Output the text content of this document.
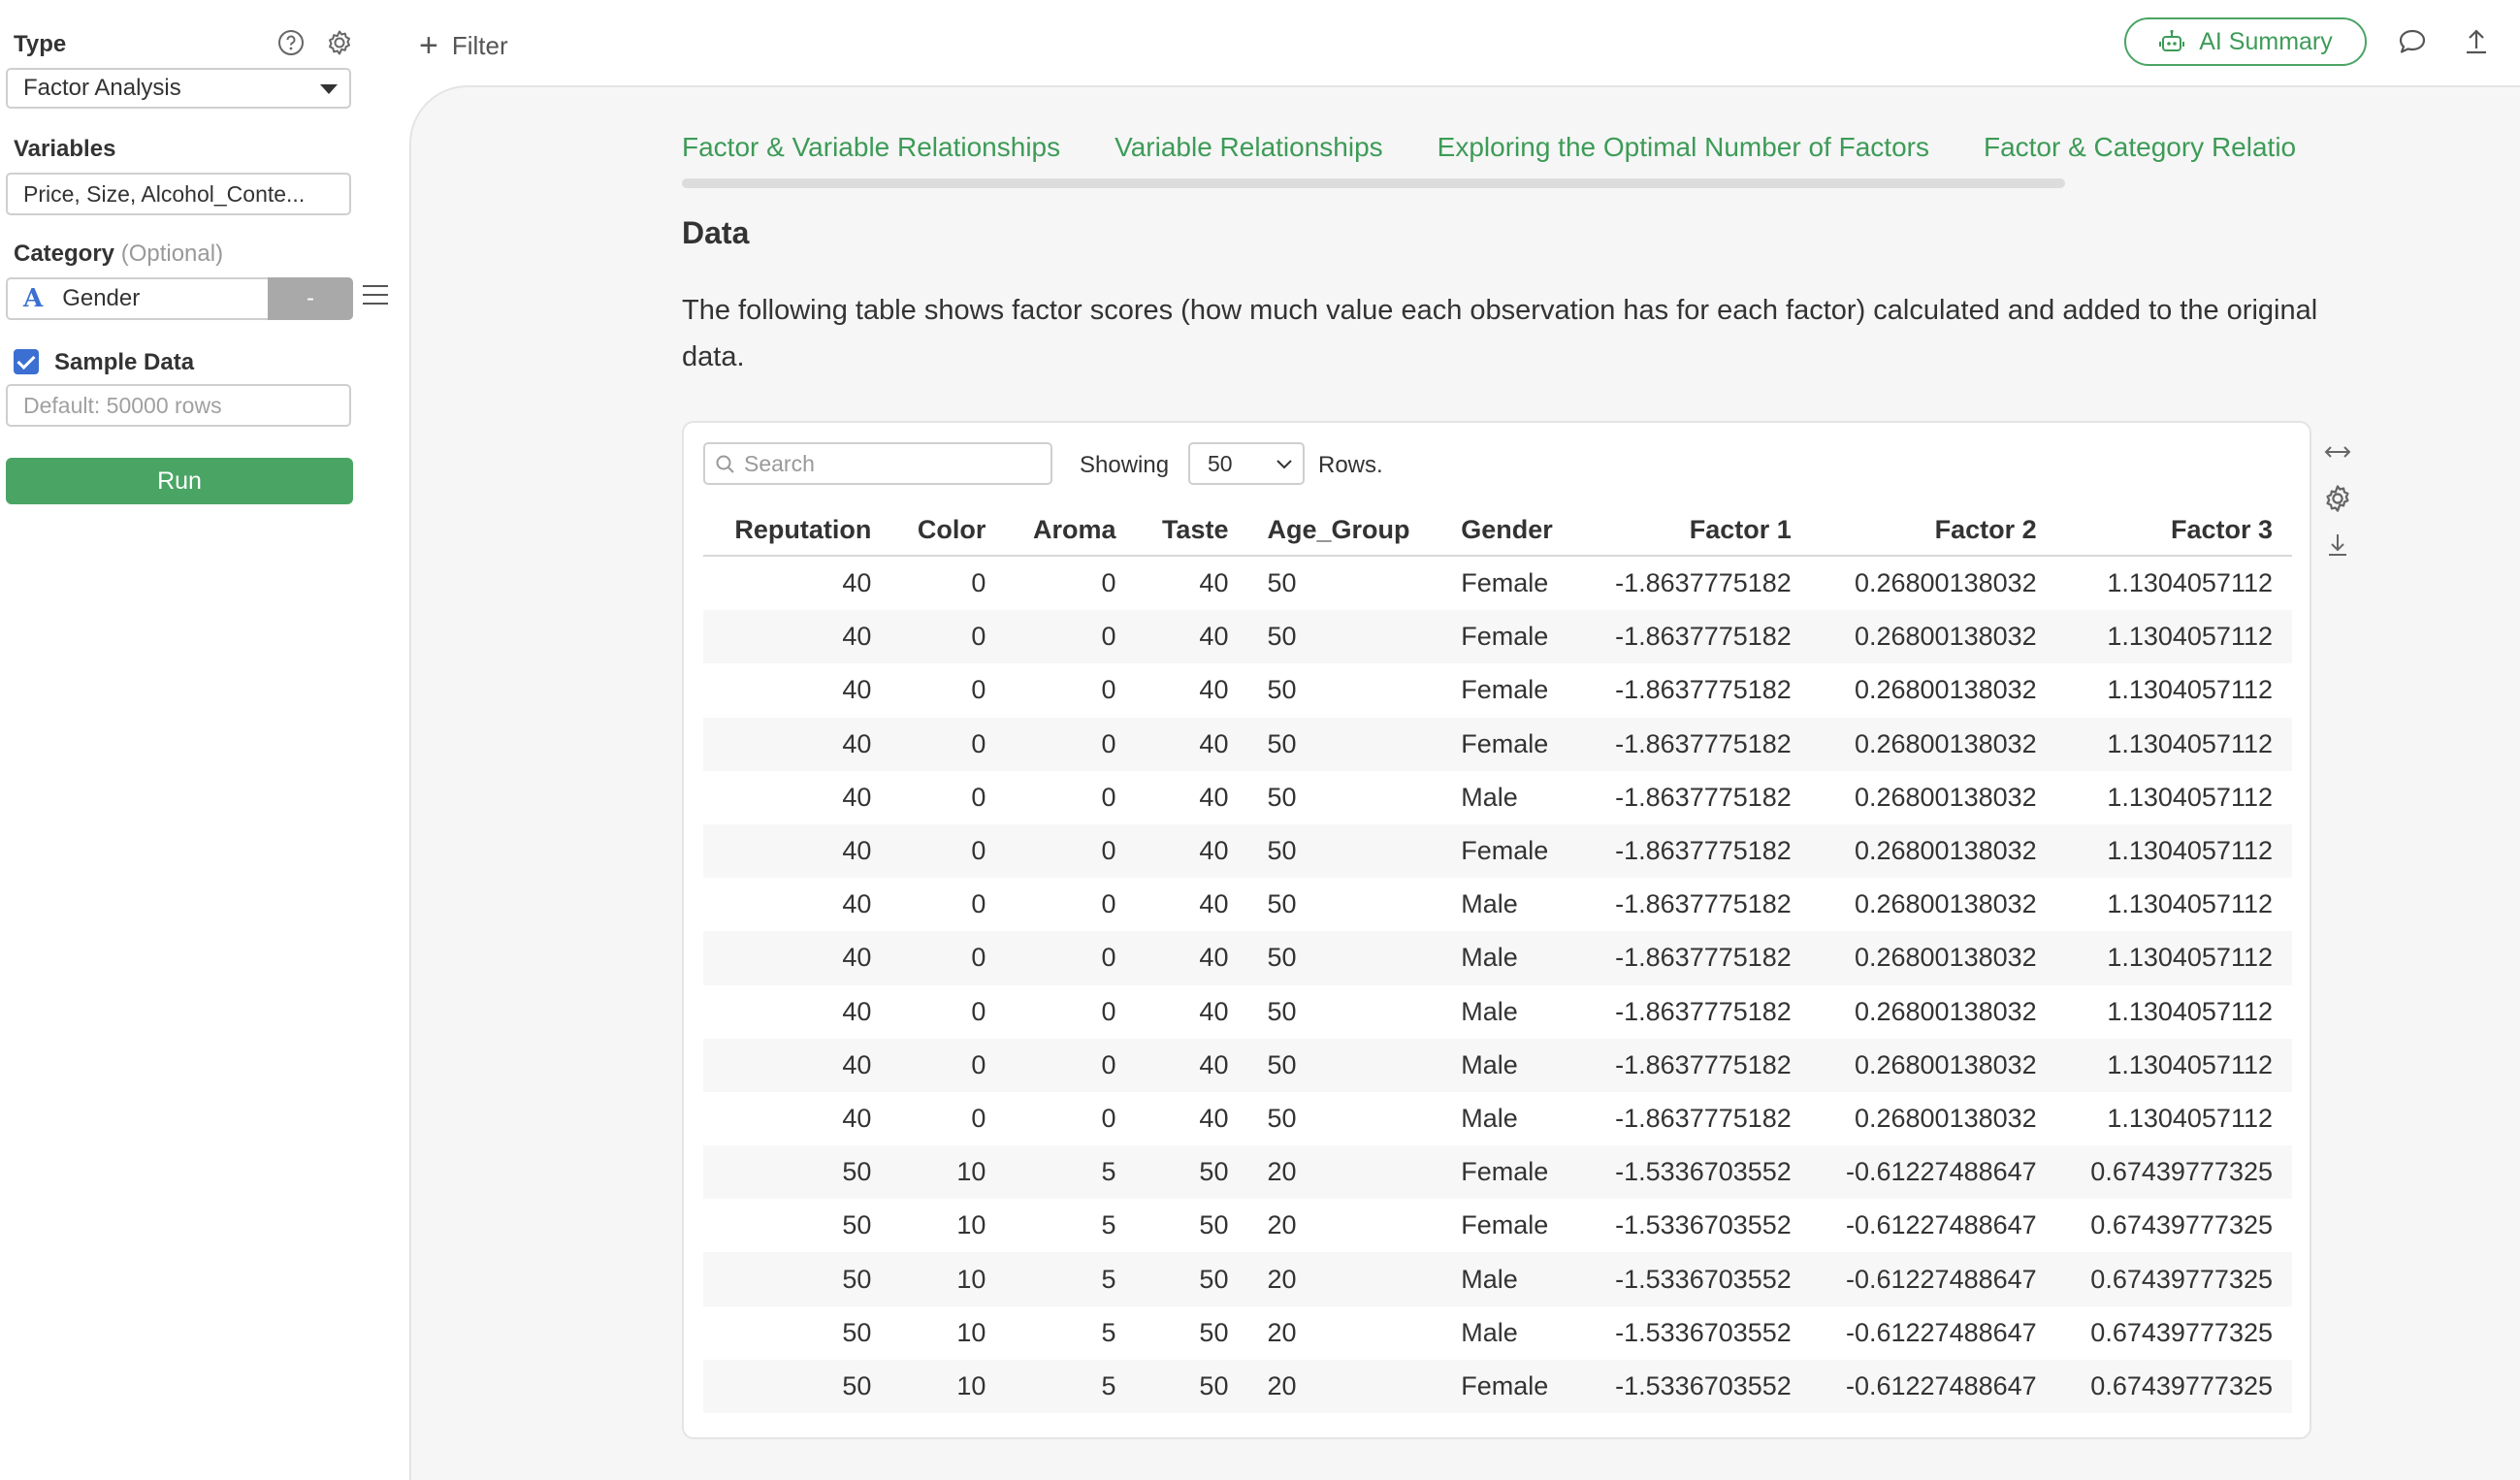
Type
Factor Analysis
Variables
Price, Size, Alcohol_Conte...
Category (Optional)
A Gender	-
Sample Data
Default: 50000 rows
Run
+ Filter	AI Summary
Factor & Variable Relationships Variable Relationships Exploring the Optimal Number of Factors Factor & Category Relatio
Data
The following table shows factor scores (how much value each observation has for each factor) calculated and added to the original data.
Search	Showing 50	Rows.
Reputation	Color	Aroma	Taste	Age_Group	Gender	Factor 1	Factor 2	Factor 3
40	0	0	40	50	Female	-1.8637775182	0.26800138032	1.1304057112
40	0	0	40	50	Female	-1.8637775182	0.26800138032	1.1304057112
40	0	0	40	50	Female	-1.8637775182	0.26800138032	1.1304057112
40	0	0	40	50	Female	-1.8637775182	0.26800138032	1.1304057112
40	0	0	40	50	Male	-1.8637775182	0.26800138032	1.1304057112
40	0	0	40	50	Female	-1.8637775182	0.26800138032	1.1304057112
40	0	0	40	50	Male	-1.8637775182	0.26800138032	1.1304057112
40	0	0	40	50	Male	-1.8637775182	0.26800138032	1.1304057112
40	0	0	40	50	Male	-1.8637775182	0.26800138032	1.1304057112
40	0	0	40	50	Male	-1.8637775182	0.26800138032	1.1304057112
40	0	0	40	50	Male	-1.8637775182	0.26800138032	1.1304057112
50	10	5	50	20	Female	-1.5336703552	-0.61227488647	0.67439777325
50	10	5	50	20	Female	-1.5336703552	-0.61227488647	0.67439777325
50	10	5	50	20	Male	-1.5336703552	-0.61227488647	0.67439777325
50	10	5	50	20	Male	-1.5336703552	-0.61227488647	0.67439777325
50	10	5	50	20	Female	-1.5336703552	-0.61227488647	0.67439777325
